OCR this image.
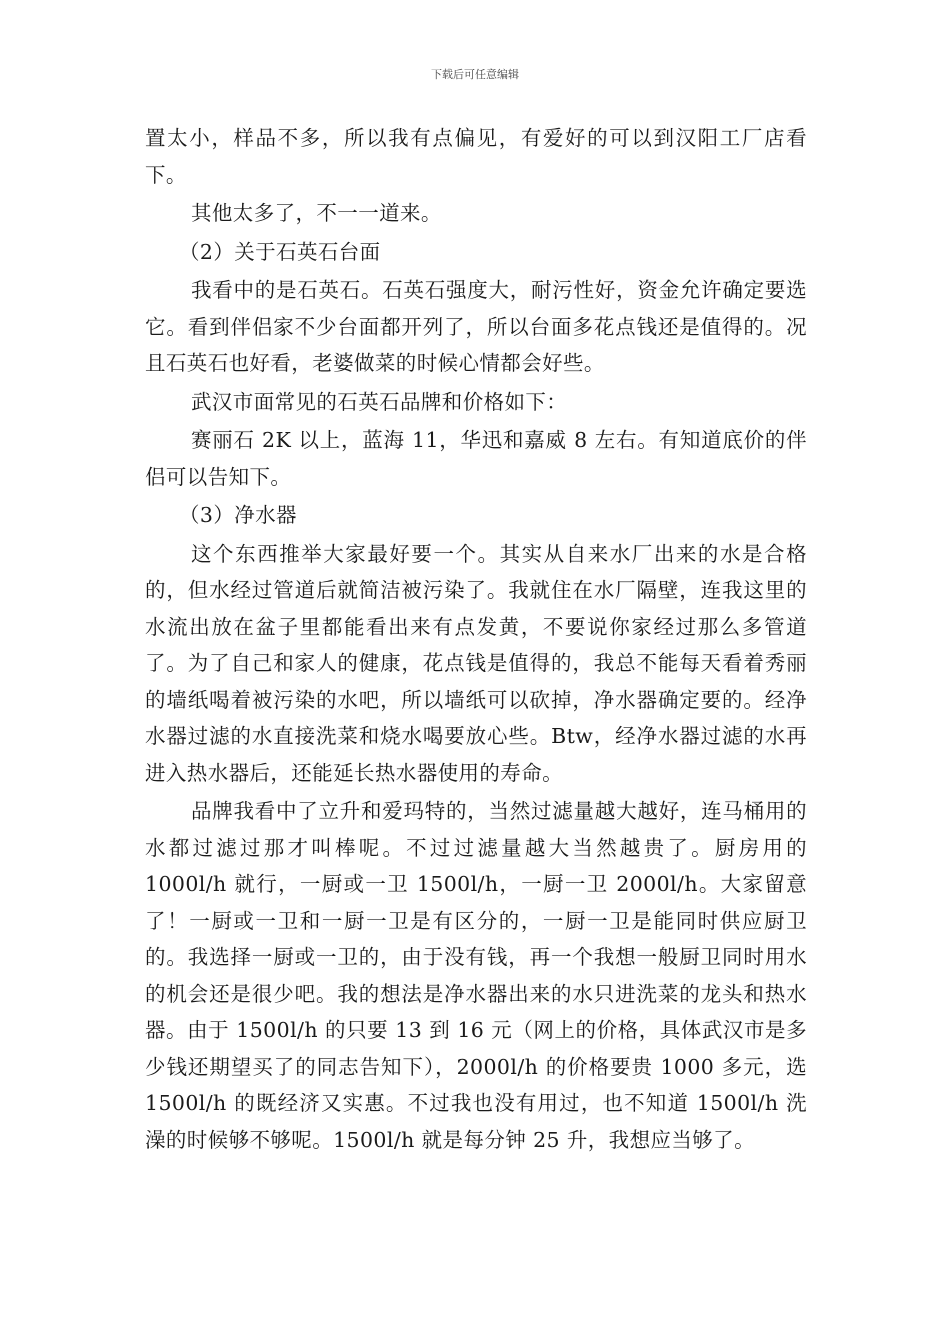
下载后可任意编辑

置太小，样品不多，所以我有点偏见，有爱好的可以到汉阳工厂店看下。

其他太多了，不一一道来。

（2）关于石英石台面

我看中的是石英石。石英石强度大，耐污性好，资金允许确定要选它。看到伴侣家不少台面都开列了，所以台面多花点钱还是值得的。况且石英石也好看，老婆做菜的时候心情都会好些。

武汉市面常见的石英石品牌和价格如下：

赛丽石 2K 以上，蓝海 11，华迅和嘉威 8 左右。有知道底价的伴侣可以告知下。

（3）净水器

这个东西推举大家最好要一个。其实从自来水厂出来的水是合格的，但水经过管道后就简洁被污染了。我就住在水厂隔壁，连我这里的水流出放在盆子里都能看出来有点发黄，不要说你家经过那么多管道了。为了自己和家人的健康，花点钱是值得的，我总不能每天看着秀丽的墙纸喝着被污染的水吧，所以墙纸可以砍掉，净水器确定要的。经净水器过滤的水直接洗菜和烧水喝要放心些。Btw，经净水器过滤的水再进入热水器后，还能延长热水器使用的寿命。

品牌我看中了立升和爱玛特的，当然过滤量越大越好，连马桶用的水都过滤过那才叫棒呢。不过过滤量越大当然越贵了。厨房用的 1000l/h 就行，一厨或一卫 1500l/h，一厨一卫 2000l/h。大家留意了！一厨或一卫和一厨一卫是有区分的，一厨一卫是能同时供应厨卫的。我选择一厨或一卫的，由于没有钱，再一个我想一般厨卫同时用水的机会还是很少吧。我的想法是净水器出来的水只进洗菜的龙头和热水器。由于 1500l/h 的只要 13 到 16 元（网上的价格，具体武汉市是多少钱还期望买了的同志告知下），2000l/h 的价格要贵 1000 多元，选 1500l/h 的既经济又实惠。不过我也没有用过，也不知道 1500l/h 洗澡的时候够不够呢。1500l/h 就是每分钟 25 升，我想应当够了。
